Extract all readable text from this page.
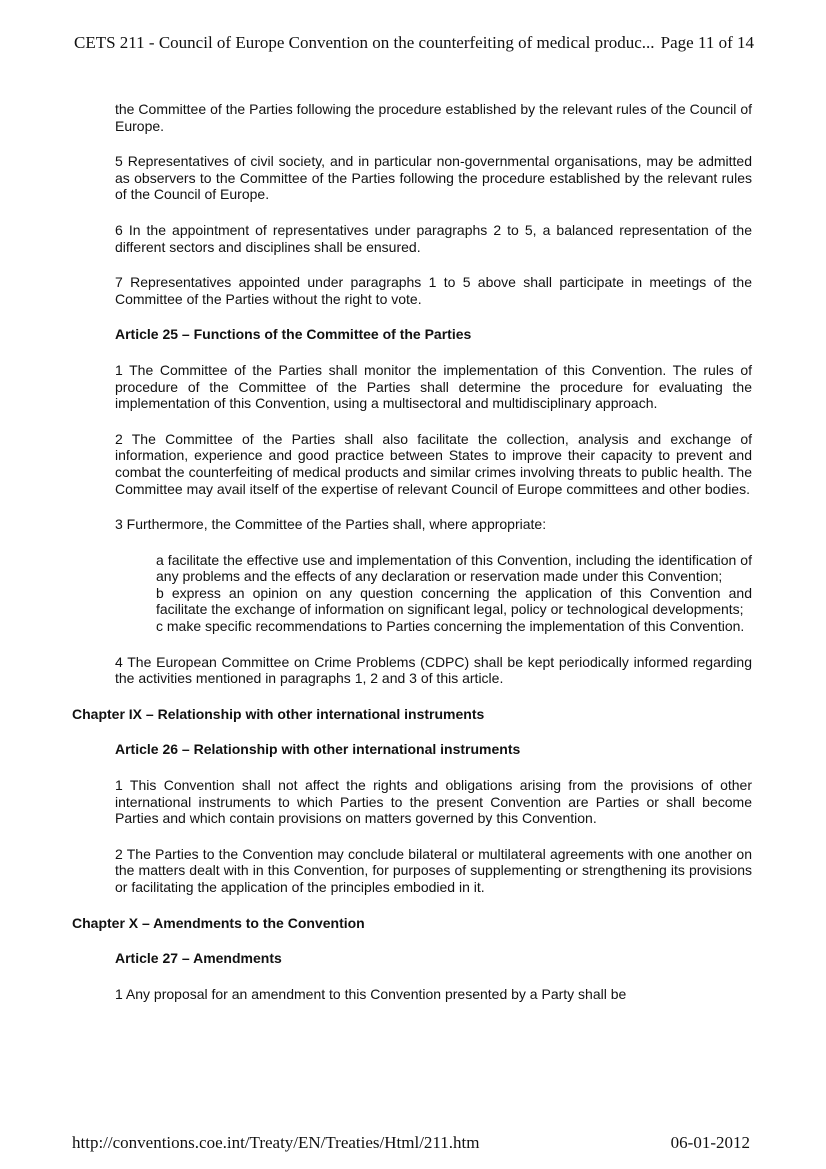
CETS 211 - Council of Europe Convention on the counterfeiting of medical produc... Page 11 of 14

the Committee of the Parties following the procedure established by the relevant rules of the Council of Europe.

5 Representatives of civil society, and in particular non-governmental organisations, may be admitted as observers to the Committee of the Parties following the procedure established by the relevant rules of the Council of Europe.

6 In the appointment of representatives under paragraphs 2 to 5, a balanced representation of the different sectors and disciplines shall be ensured.

7 Representatives appointed under paragraphs 1 to 5 above shall participate in meetings of the Committee of the Parties without the right to vote.

Article 25 – Functions of the Committee of the Parties

1 The Committee of the Parties shall monitor the implementation of this Convention. The rules of procedure of the Committee of the Parties shall determine the procedure for evaluating the implementation of this Convention, using a multisectoral and multidisciplinary approach.

2 The Committee of the Parties shall also facilitate the collection, analysis and exchange of information, experience and good practice between States to improve their capacity to prevent and combat the counterfeiting of medical products and similar crimes involving threats to public health. The Committee may avail itself of the expertise of relevant Council of Europe committees and other bodies.

3 Furthermore, the Committee of the Parties shall, where appropriate:

a facilitate the effective use and implementation of this Convention, including the identification of any problems and the effects of any declaration or reservation made under this Convention;

b express an opinion on any question concerning the application of this Convention and facilitate the exchange of information on significant legal, policy or technological developments;

c make specific recommendations to Parties concerning the implementation of this Convention.

4 The European Committee on Crime Problems (CDPC) shall be kept periodically informed regarding the activities mentioned in paragraphs 1, 2 and 3 of this article.

Chapter IX – Relationship with other international instruments

Article 26 – Relationship with other international instruments

1 This Convention shall not affect the rights and obligations arising from the provisions of other international instruments to which Parties to the present Convention are Parties or shall become Parties and which contain provisions on matters governed by this Convention.

2 The Parties to the Convention may conclude bilateral or multilateral agreements with one another on the matters dealt with in this Convention, for purposes of supplementing or strengthening its provisions or facilitating the application of the principles embodied in it.

Chapter X – Amendments to the Convention

Article 27 – Amendments

1 Any proposal for an amendment to this Convention presented by a Party shall be

http://conventions.coe.int/Treaty/EN/Treaties/Html/211.htm	06-01-2012
